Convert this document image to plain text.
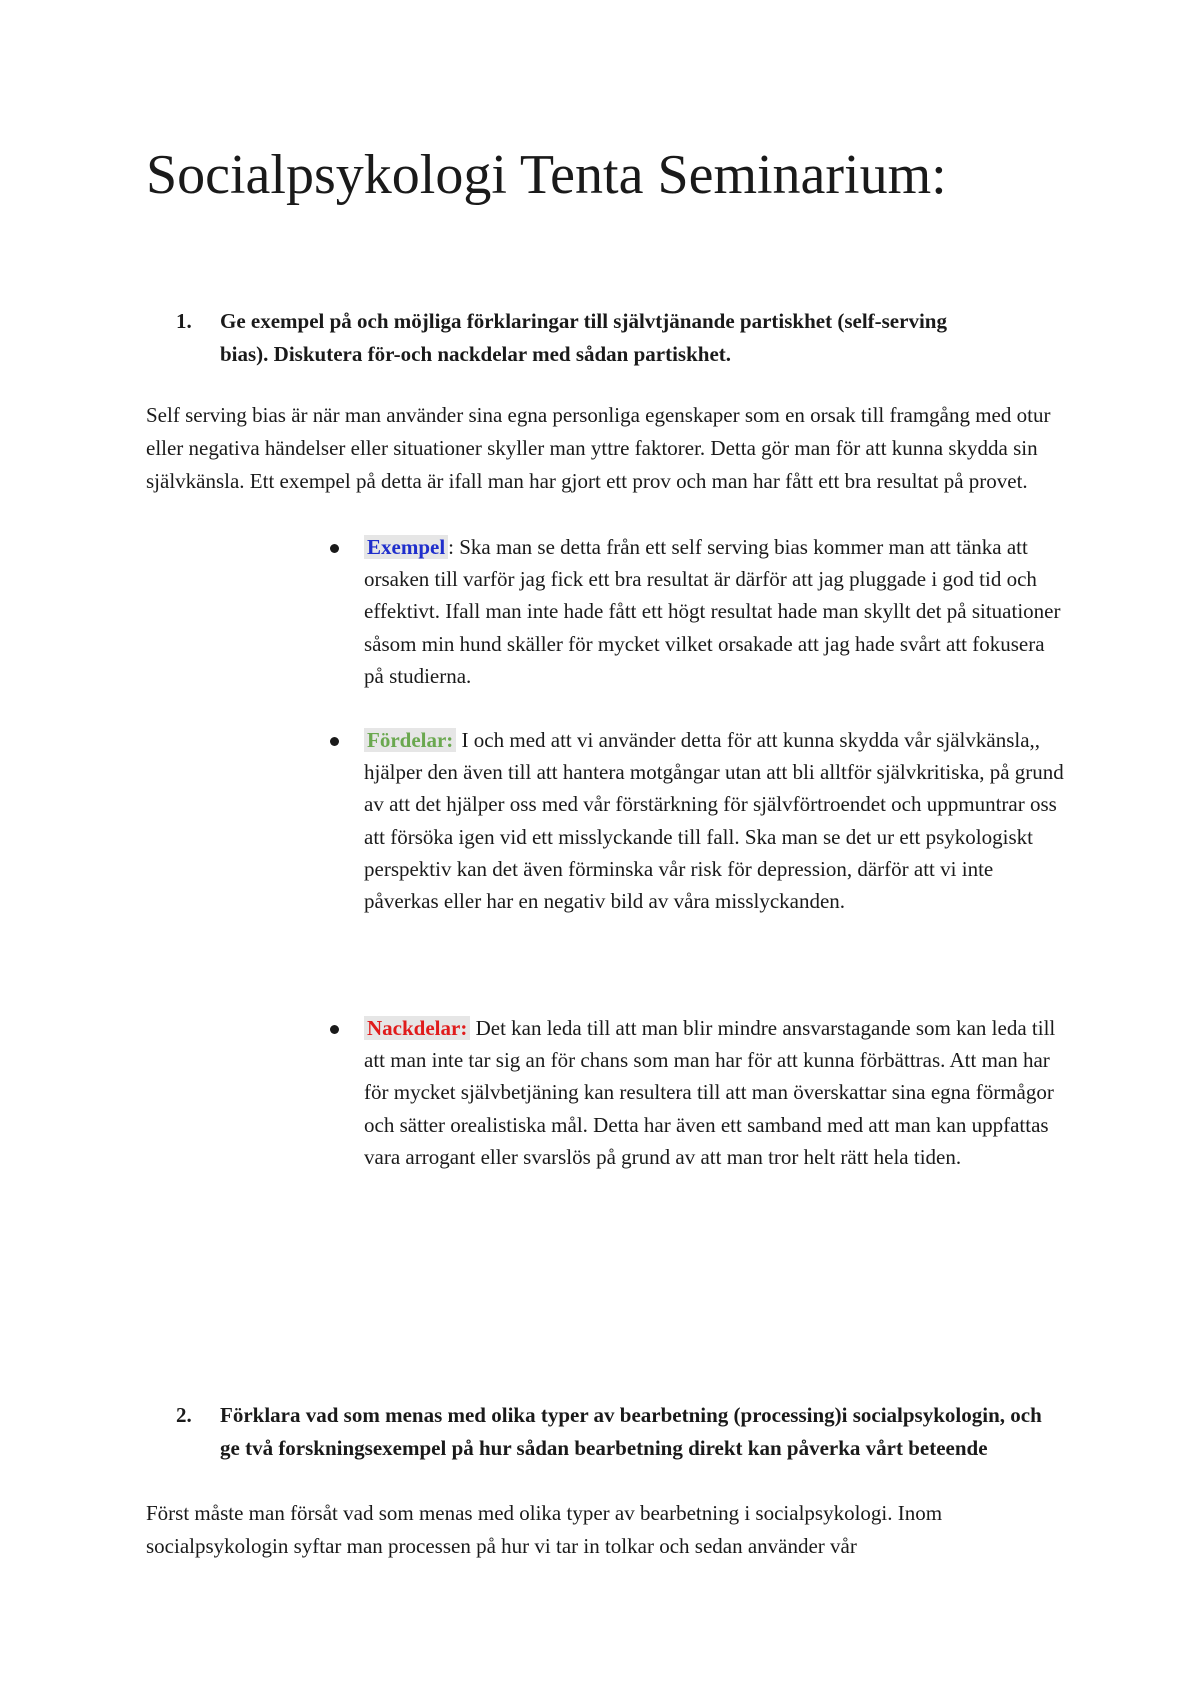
Socialpsykologi Tenta Seminarium:
1. Ge exempel på och möjliga förklaringar till självtjänande partiskhet (self-serving bias). Diskutera för-och nackdelar med sådan partiskhet.

Self serving bias är när man använder sina egna personliga egenskaper som en orsak till framgång med otur eller negativa händelser eller situationer skyller man yttre faktorer. Detta gör man för att kunna skydda sin självkänsla. Ett exempel på detta är ifall man har gjort ett prov och man har fått ett bra resultat på provet.

Exempel : Ska man se detta från ett self serving bias kommer man att tänka att orsaken till varför jag fick ett bra resultat är därför att jag pluggade i god tid och effektivt. Ifall man inte hade fått ett högt resultat hade man skyllt det på situationer såsom min hund skäller för mycket vilket orsakade att jag hade svårt att fokusera på studierna.

Fördelar: I och med att vi använder detta för att kunna skydda vår självkänsla,, hjälper den även till att hantera motgångar utan att bli alltför självkritiska, på grund av att det hjälper oss med vår förstärkning för självförtroendet och uppmuntrar oss att försöka igen vid ett misslyckande till fall. Ska man se det ur ett psykologiskt perspektiv kan det även förminska vår risk för depression, därför att vi inte påverkas eller har en negativ bild av våra misslyckanden.

Nackdelar: Det kan leda till att man blir mindre ansvarstagande som kan leda till att man inte tar sig an för chans som man har för att kunna förbättras. Att man har för mycket självbetjäning kan resultera till att man överskattar sina egna förmågor och sätter orealistiska mål. Detta har även ett samband med att man kan uppfattas vara arrogant eller svarslös på grund av att man tror helt rätt hela tiden.

2. Förklara vad som menas med olika typer av bearbetning (processing)i socialpsykologin, och ge två forskningsexempel på hur sådan bearbetning direkt kan påverka vårt beteende

Först måste man försåt vad som menas med olika typer av bearbetning i socialpsykologi. Inom socialpsykologin syftar man processen på hur vi tar in tolkar och sedan använder vår
